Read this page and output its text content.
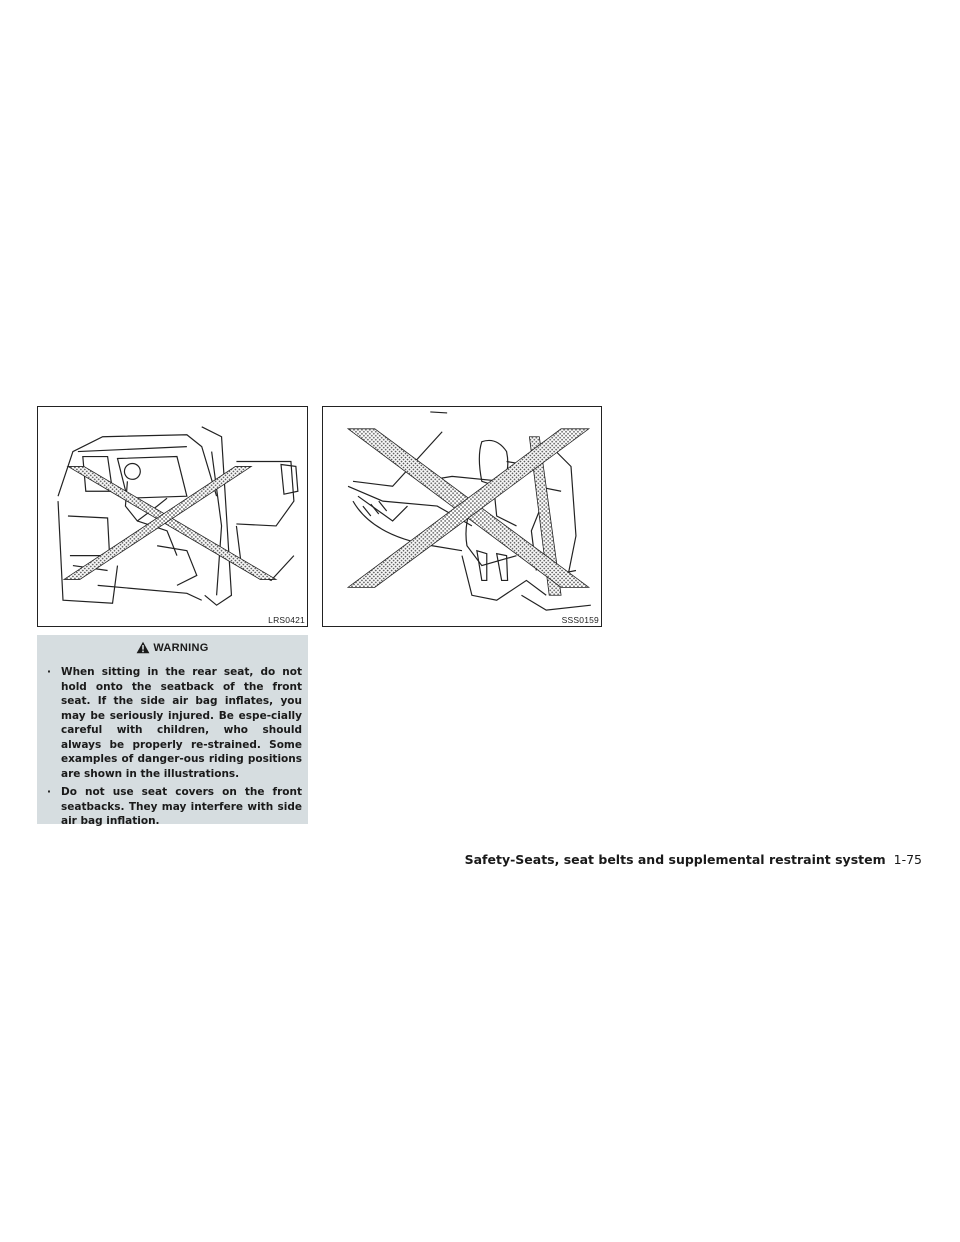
LRS0421	SSS0159
WARNING
· When sitting in the rear seat, do not hold onto the seatback of the front seat. If the side air bag inflates, you may be seriously injured. Be espe-cially careful with children, who should always be properly re-strained. Some examples of danger-ous riding positions are shown in the illustrations.
· Do not use seat covers on the front seatbacks. They may interfere with side air bag inflation.
Safety-Seats, seat belts and supplemental restraint system 1-75
